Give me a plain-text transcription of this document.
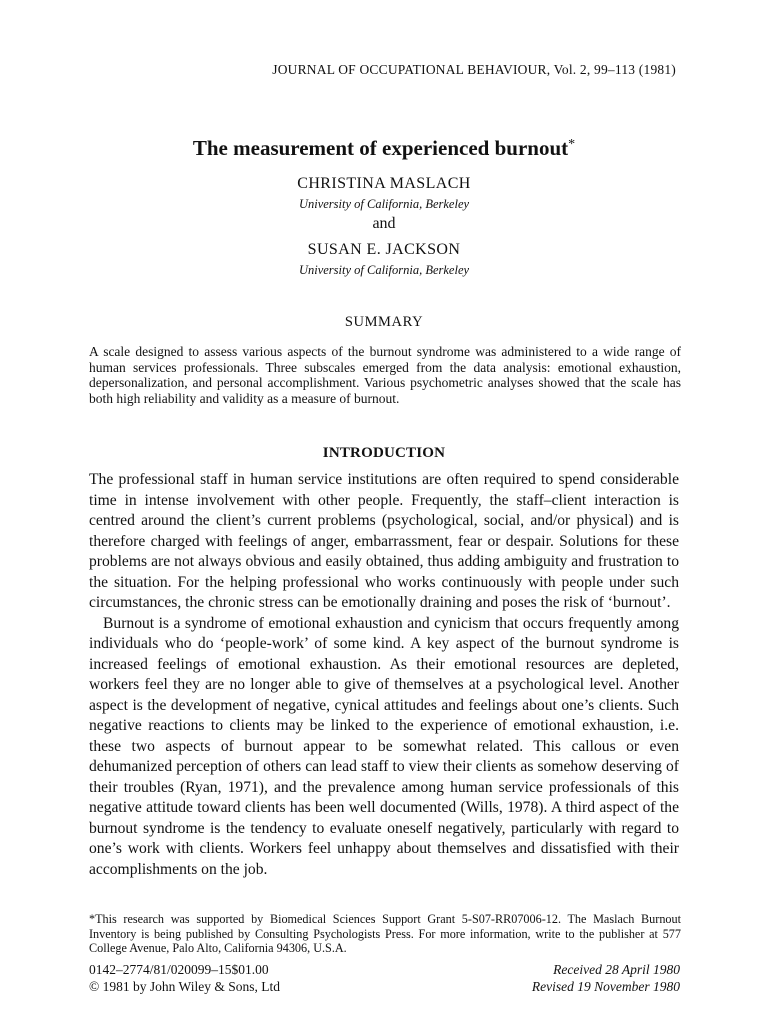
JOURNAL OF OCCUPATIONAL BEHAVIOUR, Vol. 2, 99–113 (1981)
The measurement of experienced burnout*
CHRISTINA MASLACH
University of California, Berkeley
and
SUSAN E. JACKSON
University of California, Berkeley
SUMMARY
A scale designed to assess various aspects of the burnout syndrome was administered to a wide range of human services professionals. Three subscales emerged from the data analysis: emotional exhaustion, depersonalization, and personal accomplishment. Various psychometric analyses showed that the scale has both high reliability and validity as a measure of burnout.
INTRODUCTION

The professional staff in human service institutions are often required to spend considerable time in intense involvement with other people. Frequently, the staff–client interaction is centred around the client’s current problems (psychological, social, and/or physical) and is therefore charged with feelings of anger, embarrassment, fear or despair. Solutions for these problems are not always obvious and easily obtained, thus adding ambiguity and frustration to the situation. For the helping professional who works continuously with people under such circumstances, the chronic stress can be emotionally draining and poses the risk of ‘burnout’.

Burnout is a syndrome of emotional exhaustion and cynicism that occurs frequently among individuals who do ‘people-work’ of some kind. A key aspect of the burnout syndrome is increased feelings of emotional exhaustion. As their emotional resources are depleted, workers feel they are no longer able to give of themselves at a psychological level. Another aspect is the development of negative, cynical attitudes and feelings about one’s clients. Such negative reactions to clients may be linked to the experience of emotional exhaustion, i.e. these two aspects of burnout appear to be somewhat related. This callous or even dehumanized perception of others can lead staff to view their clients as somehow deserving of their troubles (Ryan, 1971), and the prevalence among human service professionals of this negative attitude toward clients has been well documented (Wills, 1978). A third aspect of the burnout syndrome is the tendency to evaluate oneself negatively, particularly with regard to one’s work with clients. Workers feel unhappy about themselves and dissatisfied with their accomplishments on the job.

*This research was supported by Biomedical Sciences Support Grant 5-S07-RR07006-12. The Maslach Burnout Inventory is being published by Consulting Psychologists Press. For more information, write to the publisher at 577 College Avenue, Palo Alto, California 94306, U.S.A.
0142–2774/81/020099–15$01.00
© 1981 by John Wiley & Sons, Ltd
Received 28 April 1980
Revised 19 November 1980
